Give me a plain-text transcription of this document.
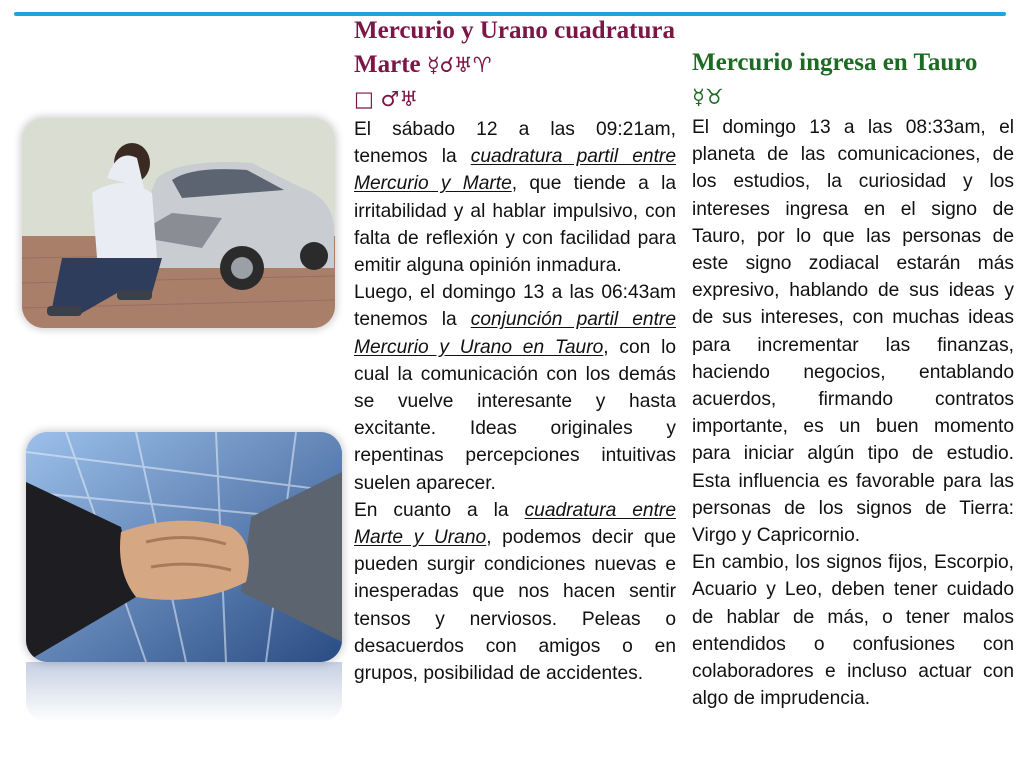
Mercurio y Urano cuadratura Marte ☿☌♅♈
□ ♂♅

El sábado 12 a las 09:21am, tenemos la cuadratura partil entre Mercurio y Marte, que tiende a la irritabilidad y al hablar impulsivo, con falta de reflexión y con facilidad para emitir alguna opinión inmadura.

Luego, el domingo 13 a las 06:43am tenemos la conjunción partil entre Mercurio y Urano en Tauro, con lo cual la comunicación con los demás se vuelve interesante y hasta excitante. Ideas originales y repentinas percepciones intuitivas suelen aparecer.

En cuanto a la cuadratura entre Marte y Urano, podemos decir que pueden surgir condiciones nuevas e inesperadas que nos hacen sentir tensos y nerviosos. Peleas o desacuerdos con amigos o en grupos, posibilidad de accidentes.

Mercurio ingresa en Tauro ☿♉

El domingo 13 a las 08:33am, el planeta de las comunicaciones, de los estudios, la curiosidad y los intereses ingresa en el signo de Tauro, por lo que las personas de este signo zodiacal estarán más expresivo, hablando de sus ideas y de sus intereses, con muchas ideas para incrementar las finanzas, haciendo negocios, entablando acuerdos, firmando contratos importante, es un buen momento para iniciar algún tipo de estudio. Esta influencia es favorable para las personas de los signos de Tierra: Virgo y Capricornio.

En cambio, los signos fijos, Escorpio, Acuario y Leo, deben tener cuidado de hablar de más, o tener malos entendidos o confusiones con colaboradores e incluso actuar con algo de imprudencia.
